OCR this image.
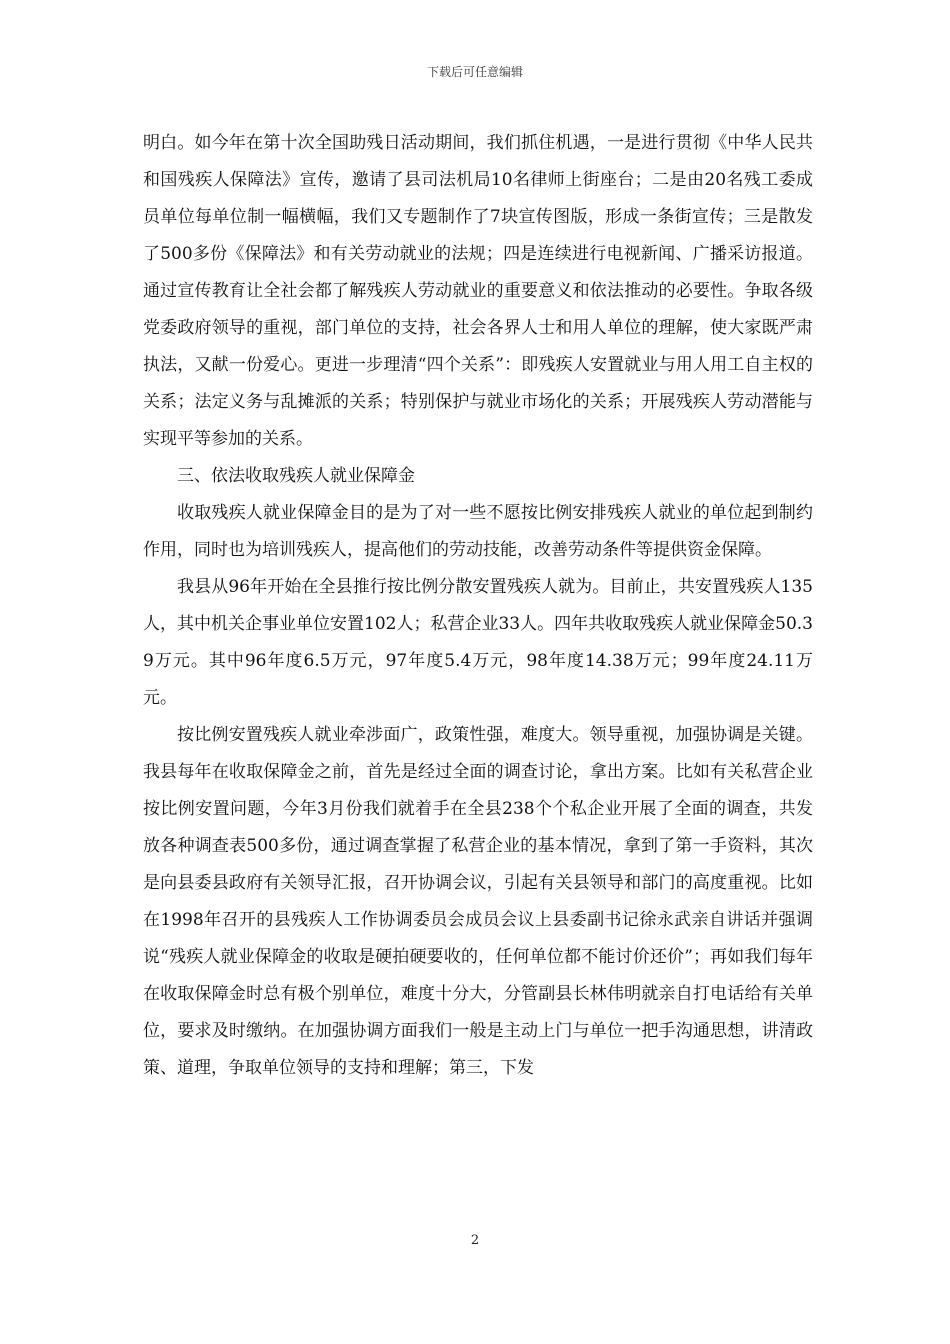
下载后可任意编辑

明白。如今年在第十次全国助残日活动期间，我们抓住机遇，一是进行贯彻《中华人民共和国残疾人保障法》宣传，邀请了县司法机局10名律师上街座台；二是由20名残工委成员单位每单位制一幅横幅，我们又专题制作了7块宣传图版，形成一条街宣传；三是散发了500多份《保障法》和有关劳动就业的法规；四是连续进行电视新闻、广播采访报道。通过宣传教育让全社会都了解残疾人劳动就业的重要意义和依法推动的必要性。争取各级党委政府领导的重视，部门单位的支持，社会各界人士和用人单位的理解，使大家既严肃执法，又献一份爱心。更进一步理清“四个关系”：即残疾人安置就业与用人用工自主权的关系；法定义务与乱摊派的关系；特别保护与就业市场化的关系；开展残疾人劳动潜能与实现平等参加的关系。

三、依法收取残疾人就业保障金

收取残疾人就业保障金目的是为了对一些不愿按比例安排残疾人就业的单位起到制约作用，同时也为培训残疾人，提高他们的劳动技能，改善劳动条件等提供资金保障。

我县从96年开始在全县推行按比例分散安置残疾人就为。目前止，共安置残疾人135人，其中机关企事业单位安置102人；私营企业33人。四年共收取残疾人就业保障金50.39万元。其中96年度6.5万元，97年度5.4万元，98年度14.38万元；99年度24.11万元。

按比例安置残疾人就业牵涉面广，政策性强，难度大。领导重视，加强协调是关键。我县每年在收取保障金之前，首先是经过全面的调查讨论，拿出方案。比如有关私营企业按比例安置问题，今年3月份我们就着手在全县238个个私企业开展了全面的调查，共发放各种调查表500多份，通过调查掌握了私营企业的基本情况，拿到了第一手资料，其次是向县委县政府有关领导汇报，召开协调会议，引起有关县领导和部门的高度重视。比如在1998年召开的县残疾人工作协调委员会成员会议上县委副书记徐永武亲自讲话并强调说“残疾人就业保障金的收取是硬拍硬要收的，任何单位都不能讨价还价”；再如我们每年在收取保障金时总有极个别单位，难度十分大，分管副县长林伟明就亲自打电话给有关单位，要求及时缴纳。在加强协调方面我们一般是主动上门与单位一把手沟通思想，讲清政策、道理，争取单位领导的支持和理解；第三，下发

2
